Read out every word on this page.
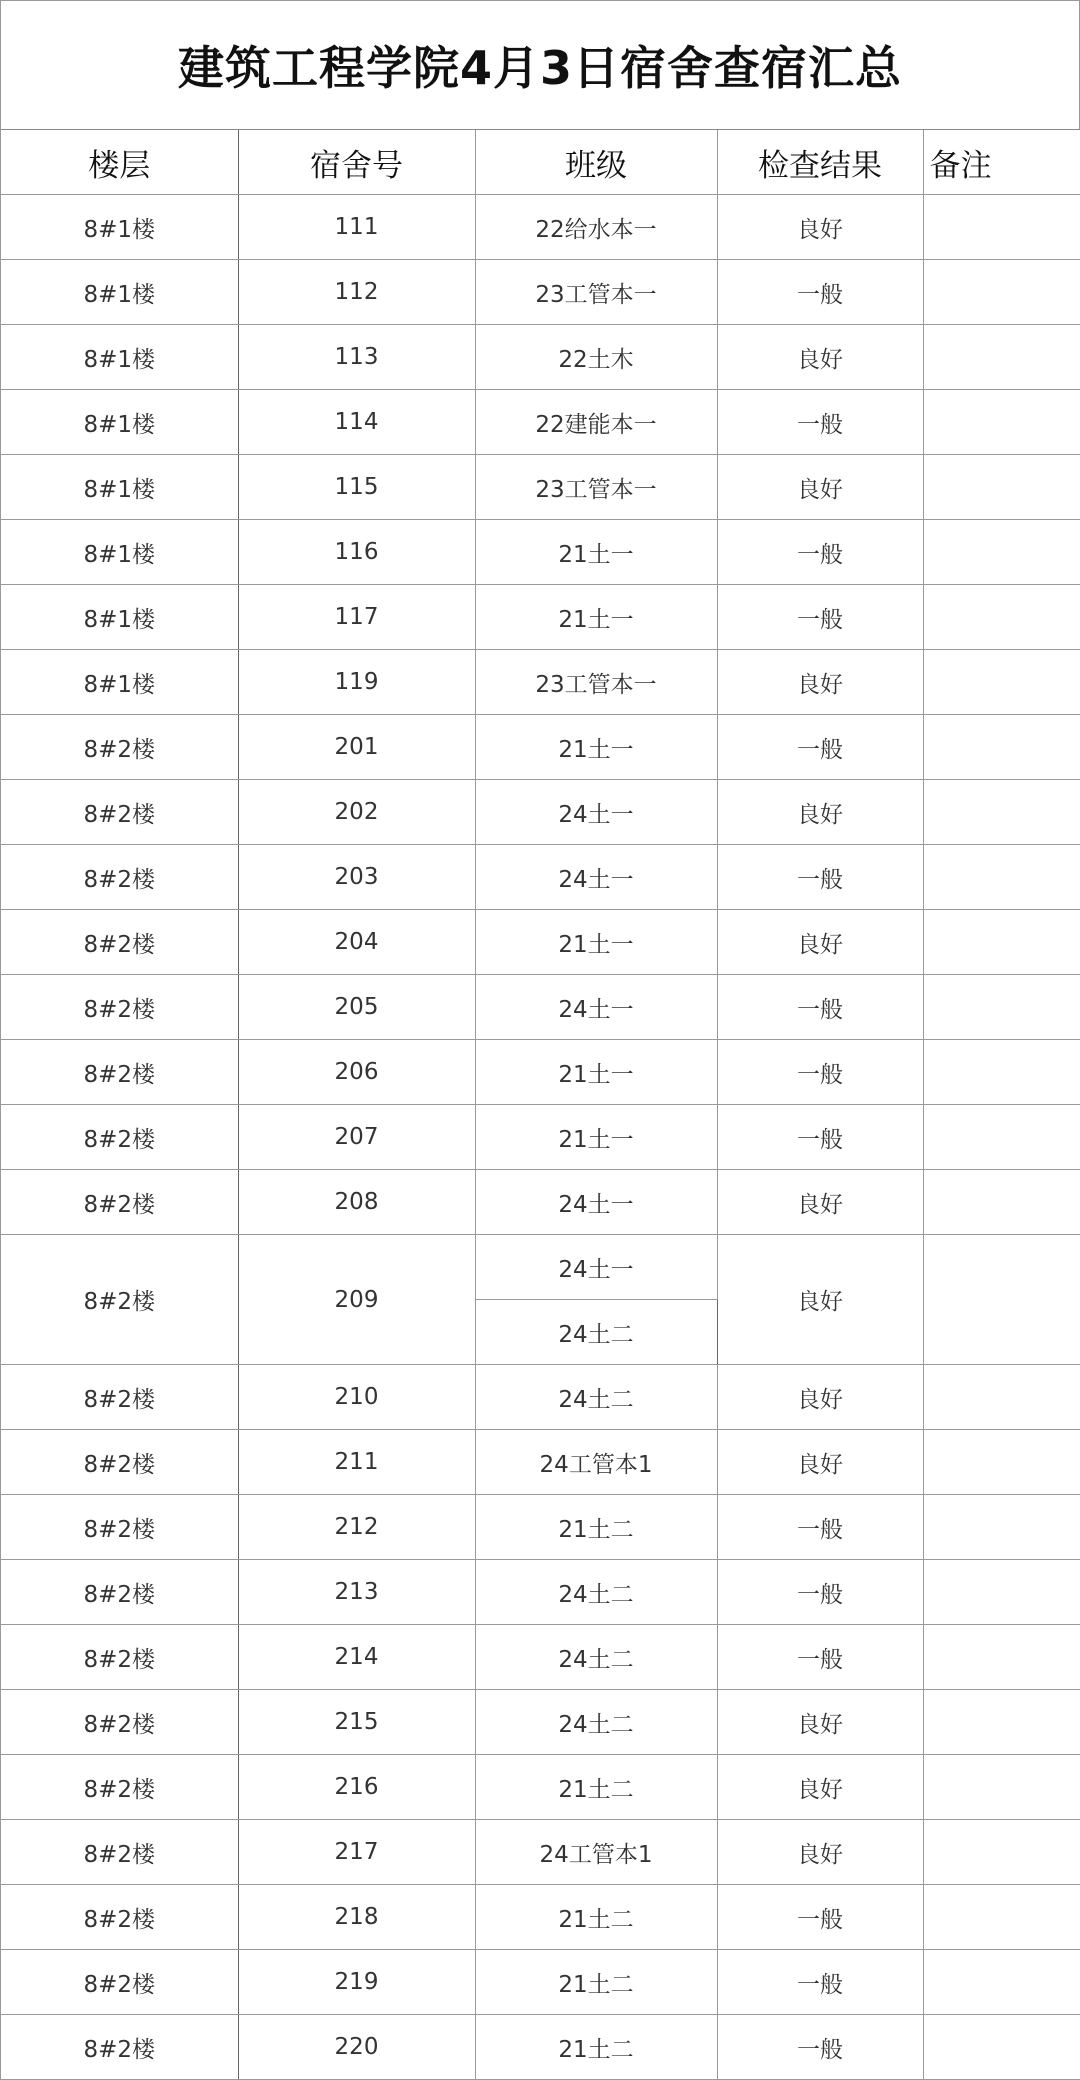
建筑工程学院4月3日宿舍查宿汇总
楼层	宿舍号	班级	检查结果	备注
8#1楼	111	22给水本一	良好	
8#1楼	112	23工管本一	一般	
8#1楼	113	22土木	良好	
8#1楼	114	22建能本一	一般	
8#1楼	115	23工管本一	良好	
8#1楼	116	21土一	一般	
8#1楼	117	21土一	一般	
8#1楼	119	23工管本一	良好	
8#2楼	201	21土一	一般	
8#2楼	202	24土一	良好	
8#2楼	203	24土一	一般	
8#2楼	204	21土一	良好	
8#2楼	205	24土一	一般	
8#2楼	206	21土一	一般	
8#2楼	207	21土一	一般	
8#2楼	208	24土一	良好	
8#2楼	209	24土一	良好	
		24土二		
8#2楼	210	24土二	良好	
8#2楼	211	24工管本1	良好	
8#2楼	212	21土二	一般	
8#2楼	213	24土二	一般	
8#2楼	214	24土二	一般	
8#2楼	215	24土二	良好	
8#2楼	216	21土二	良好	
8#2楼	217	24工管本1	良好	
8#2楼	218	21土二	一般	
8#2楼	219	21土二	一般	
8#2楼	220	21土二	一般	
